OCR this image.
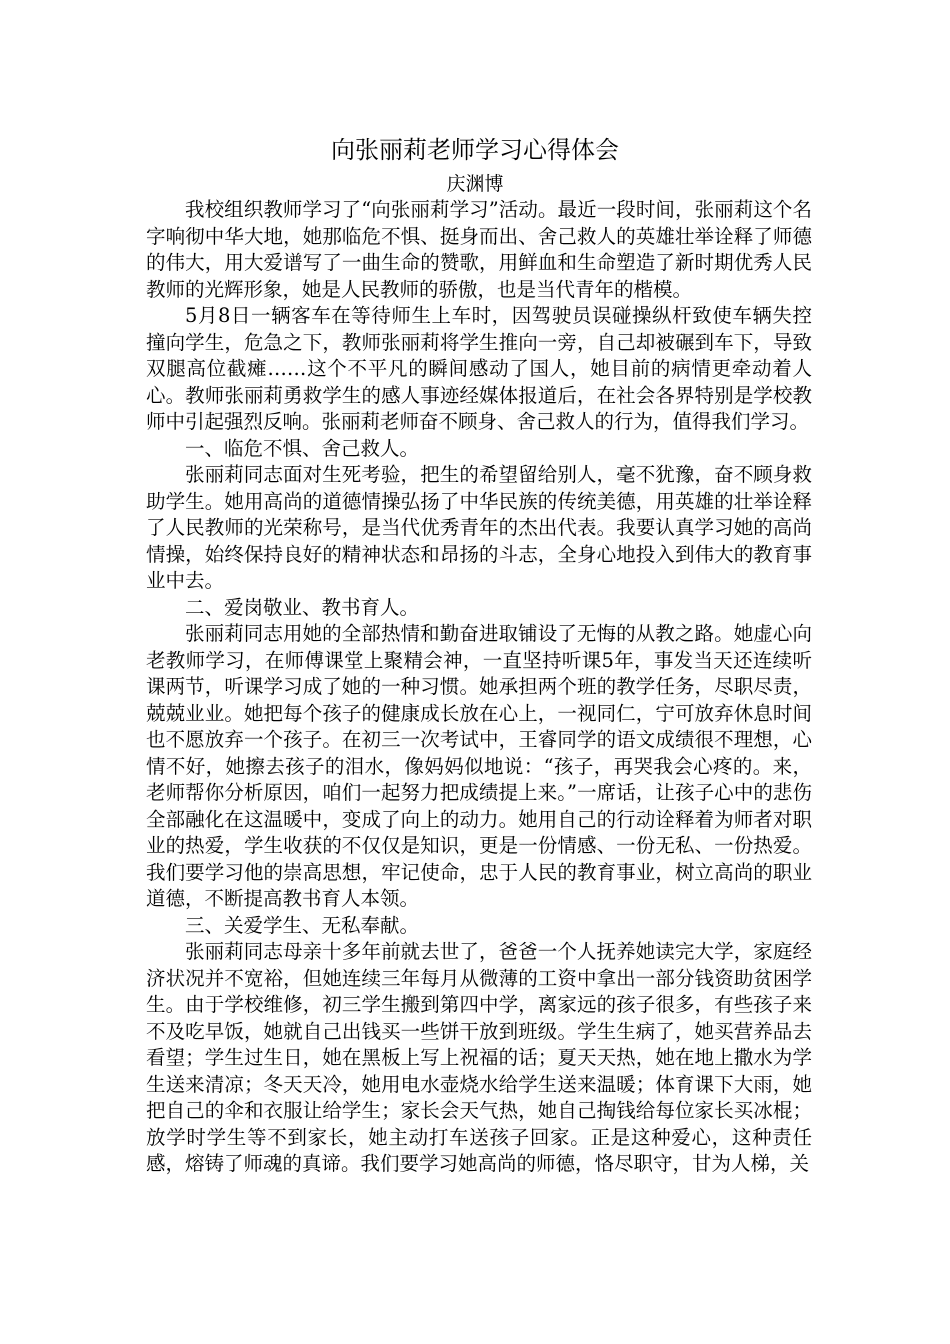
向张丽莉老师学习心得体会
庆渊博

我校组织教师学习了“向张丽莉学习”活动。最近一段时间，张丽莉这个名字响彻中华大地，她那临危不惧、挺身而出、舍己救人的英雄壮举诠释了师德的伟大，用大爱谱写了一曲生命的赞歌，用鲜血和生命塑造了新时期优秀人民教师的光辉形象，她是人民教师的骄傲，也是当代青年的楷模。

5月8日一辆客车在等待师生上车时，因驾驶员误碰操纵杆致使车辆失控撞向学生，危急之下，教师张丽莉将学生推向一旁，自己却被碾到车下，导致双腿高位截瘫……这个不平凡的瞬间感动了国人，她目前的病情更牵动着人心。教师张丽莉勇救学生的感人事迹经媒体报道后，在社会各界特别是学校教师中引起强烈反响。张丽莉老师奋不顾身、舍己救人的行为，值得我们学习。

一、临危不惧、舍己救人。

张丽莉同志面对生死考验，把生的希望留给别人，毫不犹豫，奋不顾身救助学生。她用高尚的道德情操弘扬了中华民族的传统美德，用英雄的壮举诠释了人民教师的光荣称号，是当代优秀青年的杰出代表。我要认真学习她的高尚情操，始终保持良好的精神状态和昂扬的斗志，全身心地投入到伟大的教育事业中去。

二、爱岗敬业、教书育人。

张丽莉同志用她的全部热情和勤奋进取铺设了无悔的从教之路。她虚心向老教师学习，在师傅课堂上聚精会神，一直坚持听课5年，事发当天还连续听课两节，听课学习成了她的一种习惯。她承担两个班的教学任务，尽职尽责，兢兢业业。她把每个孩子的健康成长放在心上，一视同仁，宁可放弃休息时间也不愿放弃一个孩子。在初三一次考试中，王睿同学的语文成绩很不理想，心情不好，她擦去孩子的泪水，像妈妈似地说：“孩子，再哭我会心疼的。来，老师帮你分析原因，咱们一起努力把成绩提上来。”一席话，让孩子心中的悲伤全部融化在这温暖中，变成了向上的动力。她用自己的行动诠释着为师者对职业的热爱，学生收获的不仅仅是知识，更是一份情感、一份无私、一份热爱。我们要学习他的崇高思想，牢记使命，忠于人民的教育事业，树立高尚的职业道德，不断提高教书育人本领。

三、关爱学生、无私奉献。

张丽莉同志母亲十多年前就去世了，爸爸一个人抚养她读完大学，家庭经济状况并不宽裕，但她连续三年每月从微薄的工资中拿出一部分钱资助贫困学生。由于学校维修，初三学生搬到第四中学，离家远的孩子很多，有些孩子来不及吃早饭，她就自己出钱买一些饼干放到班级。学生生病了，她买营养品去看望；学生过生日，她在黑板上写上祝福的话；夏天天热，她在地上撒水为学生送来清凉；冬天天冷，她用电水壶烧水给学生送来温暖；体育课下大雨，她把自己的伞和衣服让给学生；家长会天气热，她自己掏钱给每位家长买冰棍；放学时学生等不到家长，她主动打车送孩子回家。正是这种爱心，这种责任感，熔铸了师魂的真谛。我们要学习她高尚的师德，恪尽职守，甘为人梯，关
